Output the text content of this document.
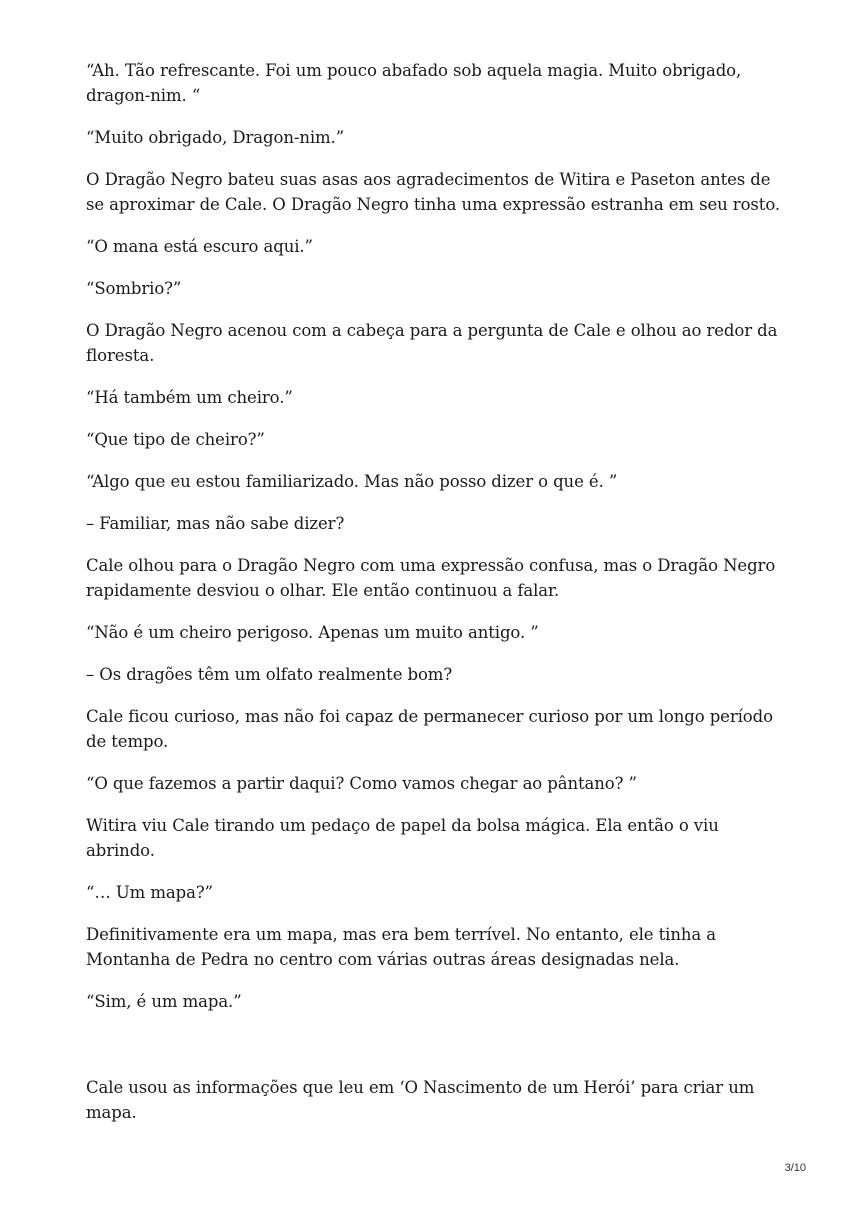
“Ah. Tão refrescante. Foi um pouco abafado sob aquela magia. Muito obrigado, dragon-nim. “

“Muito obrigado, Dragon-nim.”

O Dragão Negro bateu suas asas aos agradecimentos de Witira e Paseton antes de se aproximar de Cale. O Dragão Negro tinha uma expressão estranha em seu rosto.

“O mana está escuro aqui.”

“Sombrio?”

O Dragão Negro acenou com a cabeça para a pergunta de Cale e olhou ao redor da floresta.

“Há também um cheiro.”

“Que tipo de cheiro?”

“Algo que eu estou familiarizado. Mas não posso dizer o que é. ”

– Familiar, mas não sabe dizer?

Cale olhou para o Dragão Negro com uma expressão confusa, mas o Dragão Negro rapidamente desviou o olhar. Ele então continuou a falar.

“Não é um cheiro perigoso. Apenas um muito antigo. ”

– Os dragões têm um olfato realmente bom?

Cale ficou curioso, mas não foi capaz de permanecer curioso por um longo período de tempo.

“O que fazemos a partir daqui? Como vamos chegar ao pântano? ”

Witira viu Cale tirando um pedaço de papel da bolsa mágica. Ela então o viu abrindo.

“… Um mapa?”

Definitivamente era um mapa, mas era bem terrível. No entanto, ele tinha a Montanha de Pedra no centro com várias outras áreas designadas nela.

“Sim, é um mapa.”

Cale usou as informações que leu em ‘O Nascimento de um Herói’ para criar um mapa.

3/10
